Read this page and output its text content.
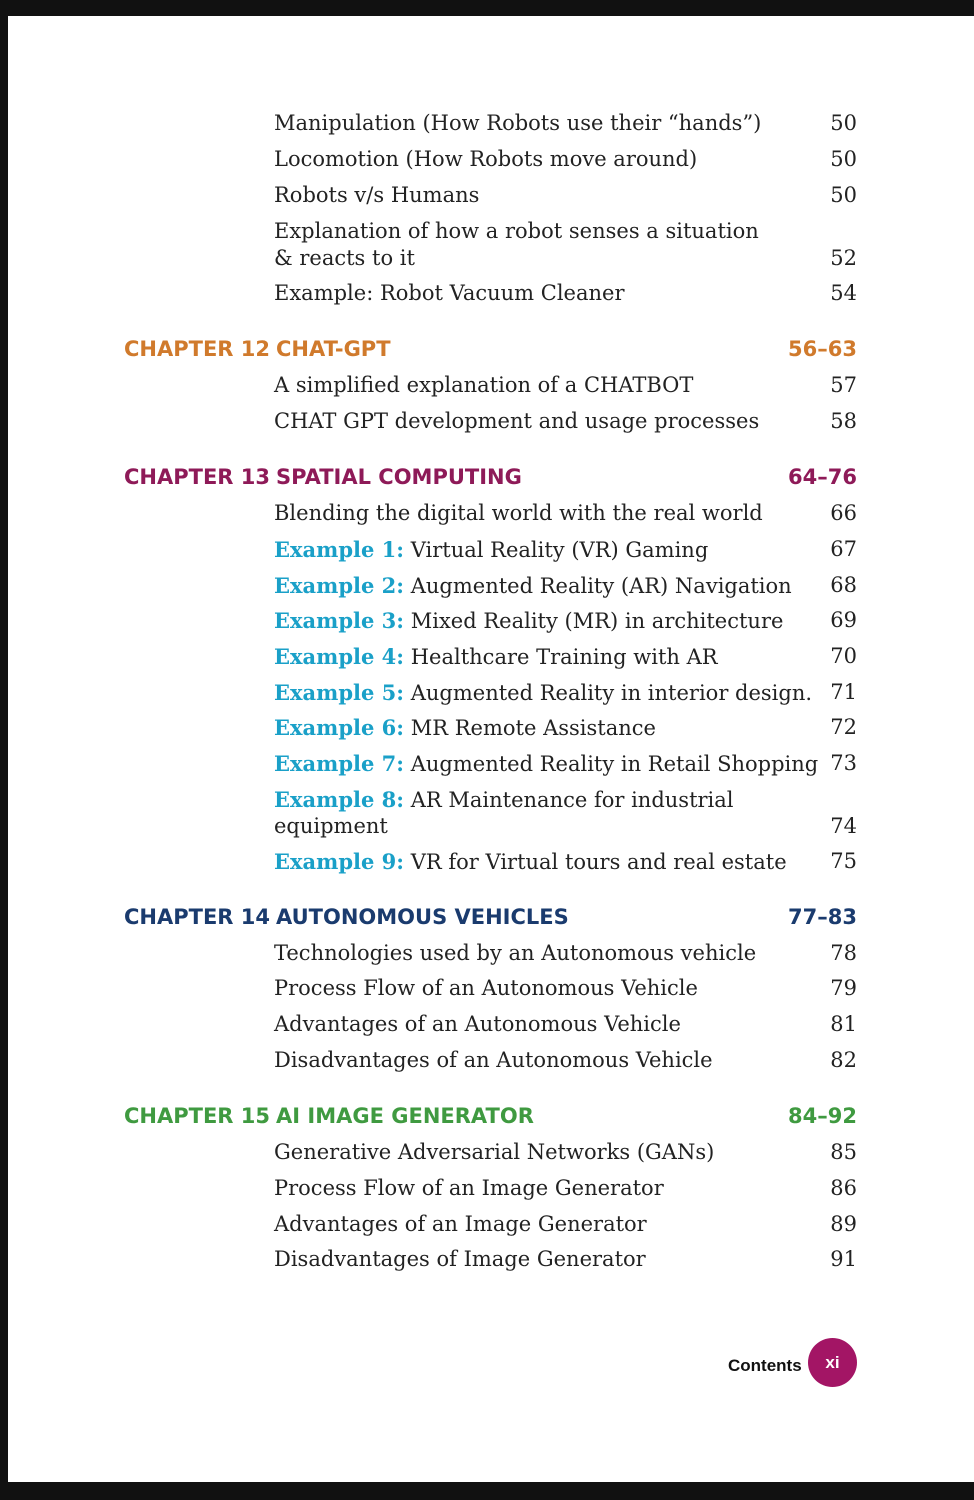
Manipulation (How Robots use their “hands”)	50
Locomotion (How Robots move around)	50
Robots v/s Humans	50
Explanation of how a robot senses a situation
& reacts to it	52
Example: Robot Vacuum Cleaner	54
CHAPTER 12 CHAT-GPT	56–63
A simplified explanation of a CHATBOT	57
CHAT GPT development and usage processes	58
CHAPTER 13 SPATIAL COMPUTING	64–76
Blending the digital world with the real world	66
Example 1: Virtual Reality (VR) Gaming	67
Example 2: Augmented Reality (AR) Navigation 68
Example 3: Mixed Reality (MR) in architecture 69
Example 4: Healthcare Training with AR	70
Example 5: Augmented Reality in interior design. 71
Example 6: MR Remote Assistance	72
Example 7: Augmented Reality in Retail Shopping 73
Example 8: AR Maintenance for industrial
equipment	74
Example 9: VR for Virtual tours and real estate 75
CHAPTER 14 AUTONOMOUS VEHICLES	77–83
Technologies used by an Autonomous vehicle	78
Process Flow of an Autonomous Vehicle	79
Advantages of an Autonomous Vehicle	81
Disadvantages of an Autonomous Vehicle	82
CHAPTER 15 AI IMAGE GENERATOR	84–92
Generative Adversarial Networks (GANs)	85
Process Flow of an Image Generator	86
Advantages of an Image Generator	89
Disadvantages of Image Generator	91
Contents	xi
